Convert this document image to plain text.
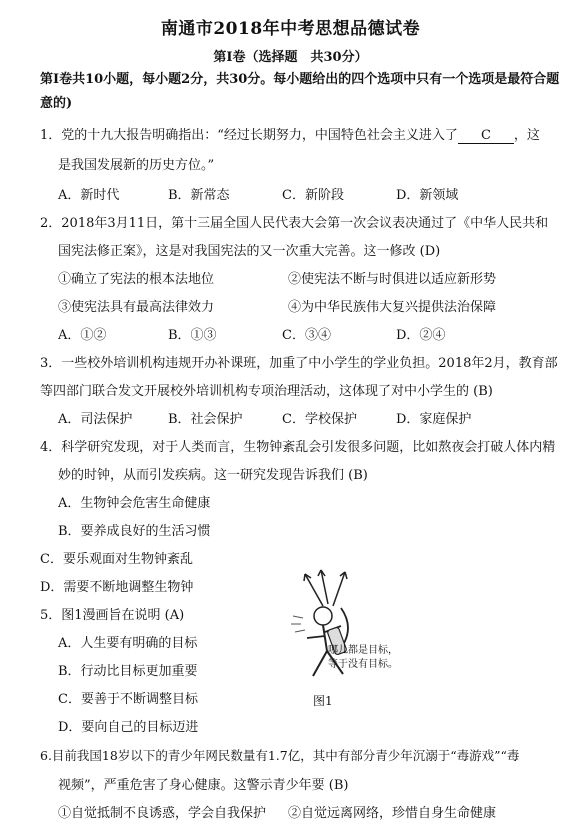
南通市2018年中考思想品德试卷
第Ⅰ卷（选择题　共30分）
第Ⅰ卷共10小题，每小题2分，共30分。每小题给出的四个选项中只有一个选项是最符合题
意的)
1．党的十九大报告明确指出：“经过长期努力，中国特色社会主义进入了 C ，这
是我国发展新的历史方位。”
A．新时代	B．新常态	C．新阶段	D．新领域
2．2018年3月11日，第十三届全国人民代表大会第一次会议表决通过了《中华人民共和
国宪法修正案》，这是对我国宪法的又一次重大完善。这一修改 (D)
①确立了宪法的根本法地位	②使宪法不断与时俱进以适应新形势
③使宪法具有最高法律效力	④为中华民族伟大复兴提供法治保障
A．①②	B．①③	C．③④	D．②④
3．一些校外培训机构违规开办补课班，加重了中小学生的学业负担。2018年2月，教育部
等四部门联合发文开展校外培训机构专项治理活动，这体现了对中小学生的 (B)
A．司法保护	B．社会保护	C．学校保护	D．家庭保护
4．科学研究发现，对于人类而言，生物钟紊乱会引发很多问题，比如熬夜会打破人体内精
妙的时钟，从而引发疾病。这一研究发现告诉我们 (B)
A．生物钟会危害生命健康
B．要养成良好的生活习惯
C．要乐观面对生物钟紊乱
D．需要不断地调整生物钟
5．图1漫画旨在说明 (A)
A．人生要有明确的目标
B．行动比目标更加重要
C．要善于不断调整目标
D．要向自己的目标迈进
哪儿都是目标，
等于没有目标。
图1
6.目前我国18岁以下的青少年网民数量有1.7亿，其中有部分青少年沉溺于“毒游戏”“毒
视频”，严重危害了身心健康。这警示青少年要 (B)
①自觉抵制不良诱惑，学会自我保护 ②自觉远离网络，珍惜自身生命健康
